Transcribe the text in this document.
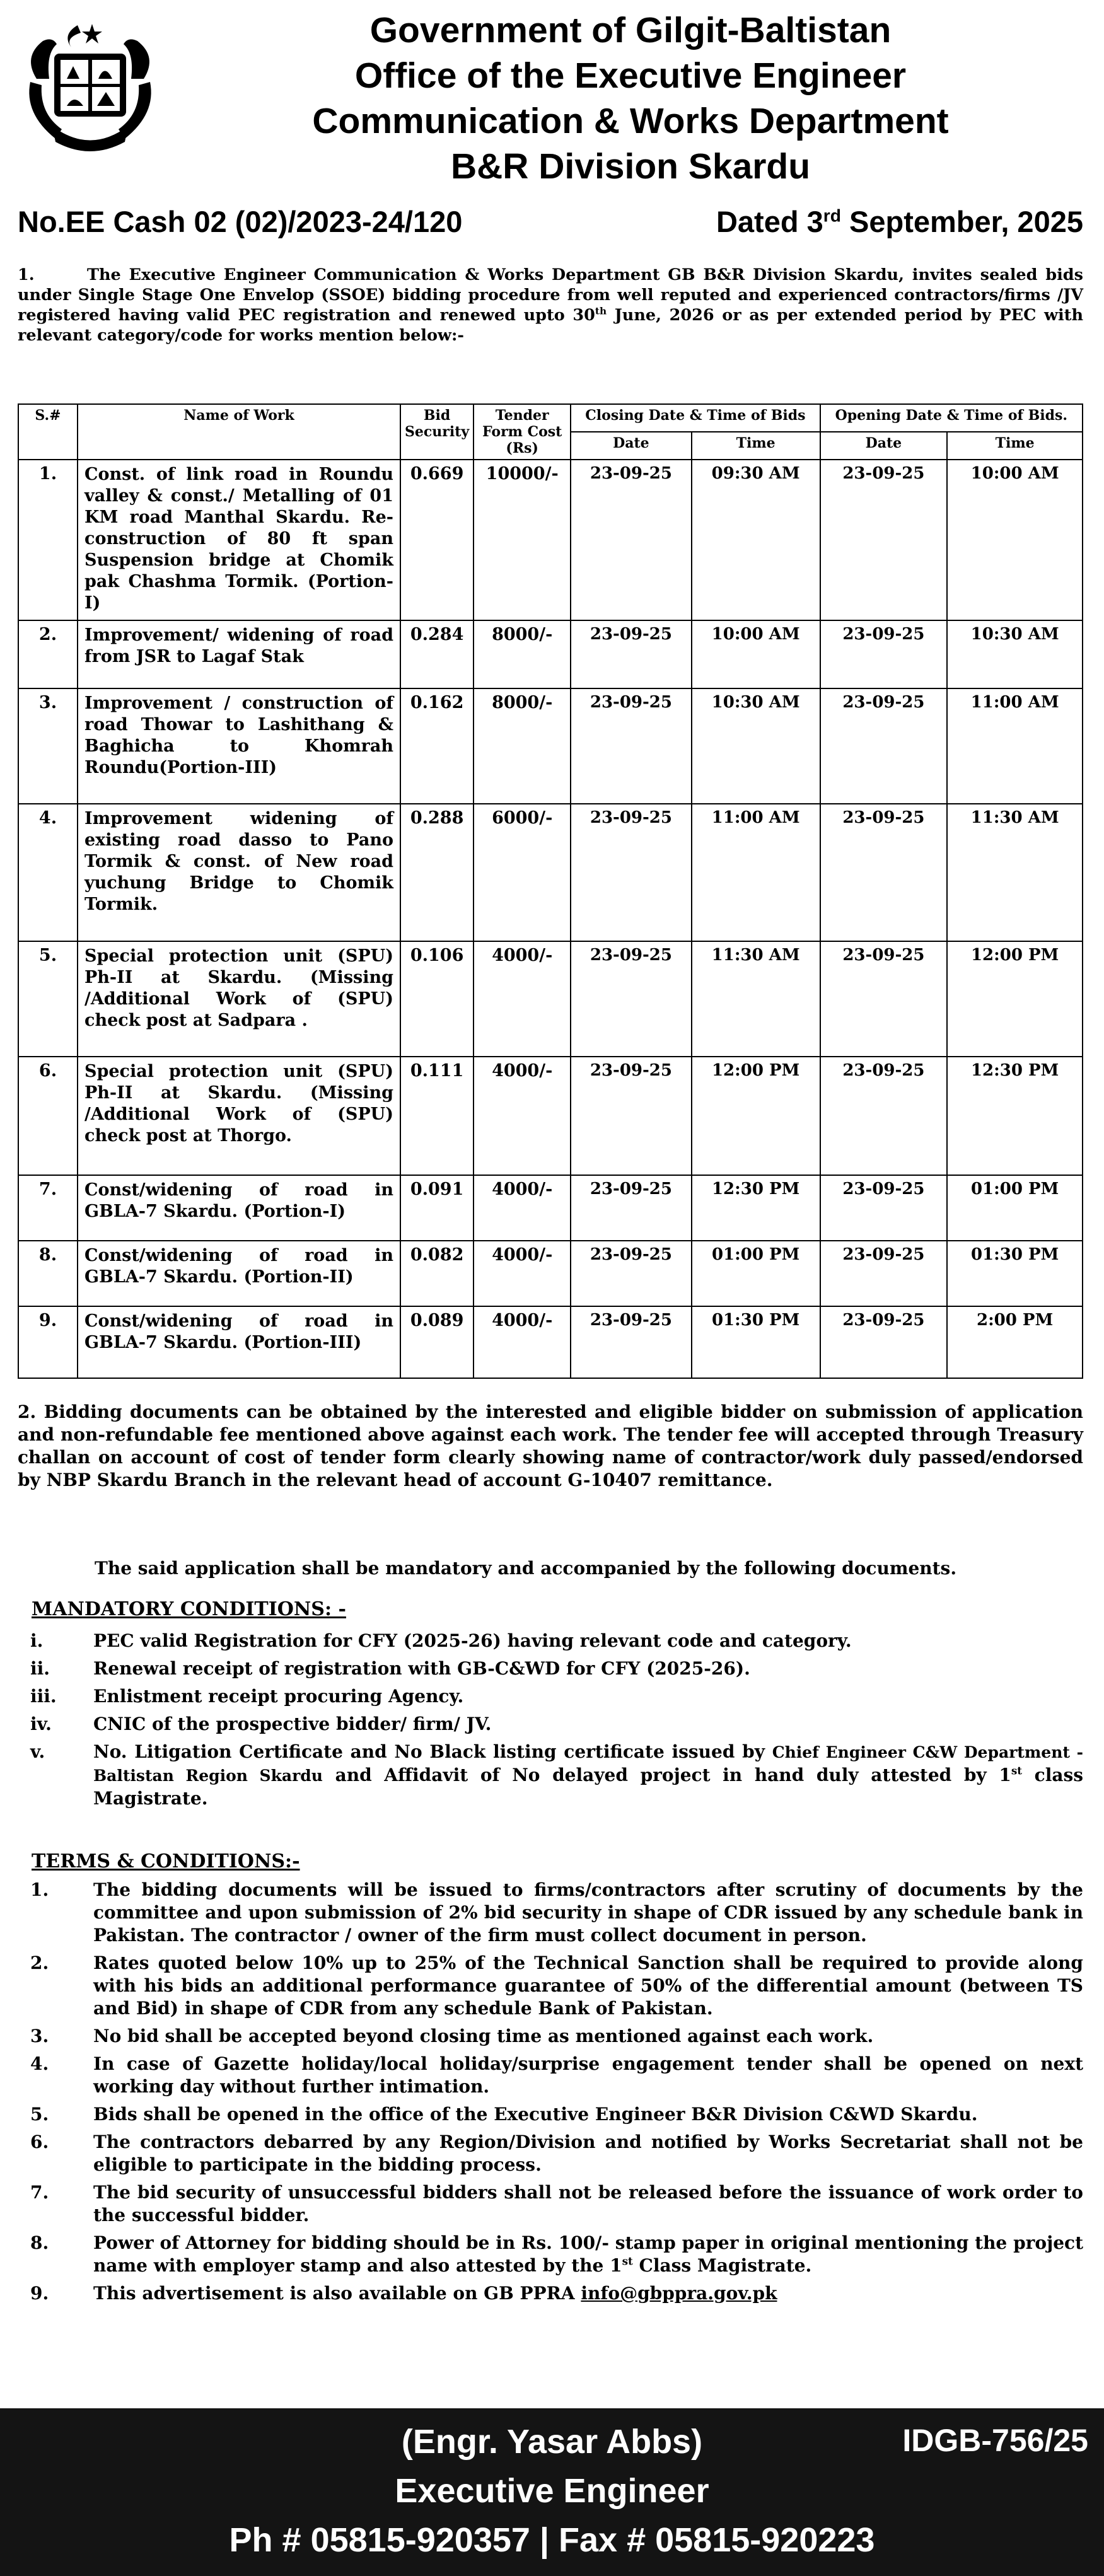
Government of Gilgit-Baltistan
Office of the Executive Engineer
Communication & Works Department
B&R Division Skardu
No.EE Cash 02 (02)/2023-24/120	Dated 3rd September, 2025
1.	The Executive Engineer Communication & Works Department GB B&R Division Skardu, invites sealed bids under Single Stage One Envelop (SSOE) bidding procedure from well reputed and experienced contractors/firms /JV registered having valid PEC registration and renewed upto 30th June, 2026 or as per extended period by PEC with relevant category/code for works mention below:-
S.#	Name of Work	Bid Security	Tender Form Cost (Rs)	Closing Date & Time of Bids		Opening Date & Time of Bids.	
				Date	Time	Date	Time
1.	Const. of link road in Roundu valley & const./ Metalling of 01 KM road Manthal Skardu. Re-construction of 80 ft span Suspension bridge at Chomik pak Chashma Tormik. (Portion-I)	0.669	10000/-	23-09-25	09:30 AM	23-09-25	10:00 AM
2.	Improvement/ widening of road from JSR to Lagaf Stak	0.284	8000/-	23-09-25	10:00 AM	23-09-25	10:30 AM
3.	Improvement / construction of road Thowar to Lashithang & Baghicha to Khomrah Roundu(Portion-III)	0.162	8000/-	23-09-25	10:30 AM	23-09-25	11:00 AM
4.	Improvement widening of existing road dasso to Pano Tormik & const. of New road yuchung Bridge to Chomik Tormik.	0.288	6000/-	23-09-25	11:00 AM	23-09-25	11:30 AM
5.	Special protection unit (SPU) Ph-II at Skardu. (Missing /Additional Work of (SPU) check post at Sadpara .	0.106	4000/-	23-09-25	11:30 AM	23-09-25	12:00 PM
6.	Special protection unit (SPU) Ph-II at Skardu. (Missing /Additional Work of (SPU) check post at Thorgo.	0.111	4000/-	23-09-25	12:00 PM	23-09-25	12:30 PM
7.	Const/widening of road in GBLA-7 Skardu. (Portion-I)	0.091	4000/-	23-09-25	12:30 PM	23-09-25	01:00 PM
8.	Const/widening of road in GBLA-7 Skardu. (Portion-II)	0.082	4000/-	23-09-25	01:00 PM	23-09-25	01:30 PM
9.	Const/widening of road in GBLA-7 Skardu. (Portion-III)	0.089	4000/-	23-09-25	01:30 PM	23-09-25	2:00 PM
2. Bidding documents can be obtained by the interested and eligible bidder on submission of application and non-refundable fee mentioned above against each work. The tender fee will accepted through Treasury challan on account of cost of tender form clearly showing name of contractor/work duly passed/endorsed by NBP Skardu Branch in the relevant head of account G-10407 remittance.
The said application shall be mandatory and accompanied by the following documents.
MANDATORY CONDITIONS: -
i.	PEC valid Registration for CFY (2025-26) having relevant code and category.
ii.	Renewal receipt of registration with GB-C&WD for CFY (2025-26).
iii.	Enlistment receipt procuring Agency.
iv.	CNIC of the prospective bidder/ firm/ JV.
v.	No. Litigation Certificate and No Black listing certificate issued by Chief Engineer C&W Department -Baltistan Region Skardu and Affidavit of No delayed project in hand duly attested by 1st class Magistrate.
TERMS & CONDITIONS:-
1.	The bidding documents will be issued to firms/contractors after scrutiny of documents by the committee and upon submission of 2% bid security in shape of CDR issued by any schedule bank in Pakistan. The contractor / owner of the firm must collect document in person.
2.	Rates quoted below 10% up to 25% of the Technical Sanction shall be required to provide along with his bids an additional performance guarantee of 50% of the differential amount (between TS and Bid) in shape of CDR from any schedule Bank of Pakistan.
3.	No bid shall be accepted beyond closing time as mentioned against each work.
4.	In case of Gazette holiday/local holiday/surprise engagement tender shall be opened on next working day without further intimation.
5.	Bids shall be opened in the office of the Executive Engineer B&R Division C&WD Skardu.
6.	The contractors debarred by any Region/Division and notified by Works Secretariat shall not be eligible to participate in the bidding process.
7.	The bid security of unsuccessful bidders shall not be released before the issuance of work order to the successful bidder.
8.	Power of Attorney for bidding should be in Rs. 100/- stamp paper in original mentioning the project name with employer stamp and also attested by the 1st Class Magistrate.
9.	This advertisement is also available on GB PPRA info@gbppra.gov.pk
(Engr. Yasar Abbs)
Executive Engineer
Ph # 05815-920357 | Fax # 05815-920223
IDGB-756/25
